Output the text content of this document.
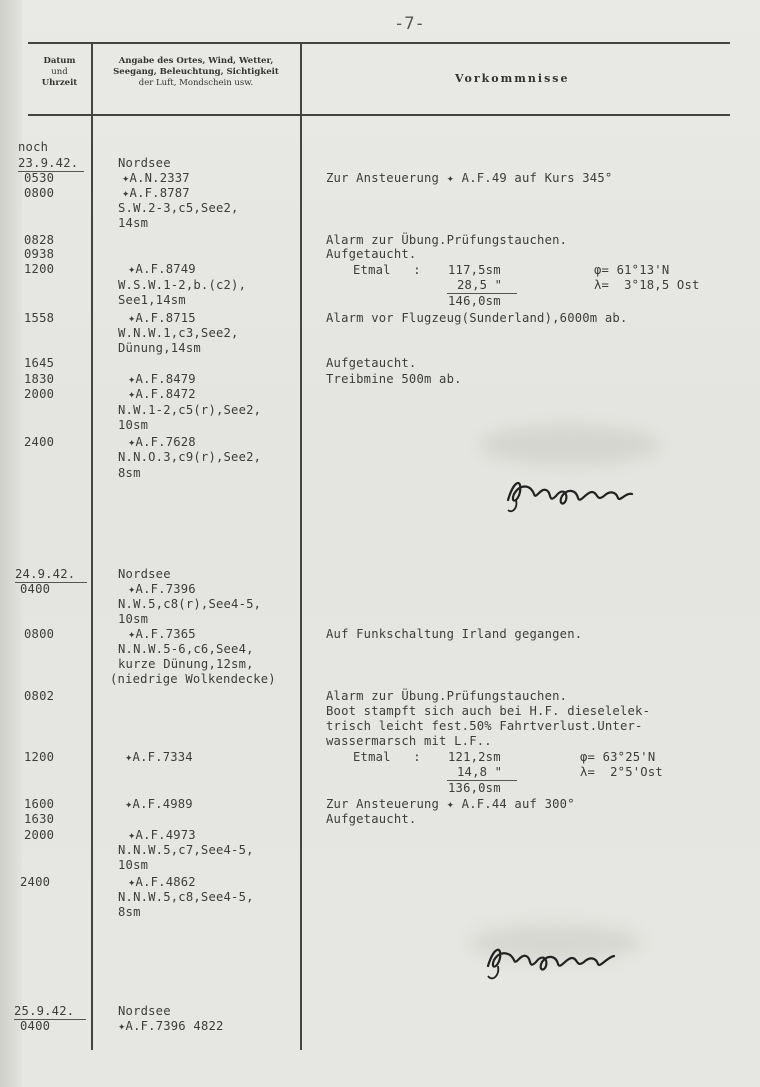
-7-
Datum
und
Uhrzeit
Angabe des Ortes, Wind, Wetter,
Seegang, Beleuchtung, Sichtigkeit
der Luft, Mondschein usw.	Vorkommnisse
noch
23.9.42.
0530
0800
0828
0938
1200
1558
1645
1830
2000
2400
24.9.42.
0400
0800
0802
1200
1600
1630
2000
2400
25.9.42.
0400
Nordsee
✦A.N.2337
✦A.F.8787
S.W.2-3,c5,See2,
14sm
✦A.F.8749
W.S.W.1-2,b.(c2),
See1,14sm
✦A.F.8715
W.N.W.1,c3,See2,
Dünung,14sm
✦A.F.8479
✦A.F.8472
N.W.1-2,c5(r),See2,
10sm
✦A.F.7628
N.N.O.3,c9(r),See2,
8sm
Nordsee
✦A.F.7396
N.W.5,c8(r),See4-5,
10sm
✦A.F.7365
N.N.W.5-6,c6,See4,
kurze Dünung,12sm,
(niedrige Wolkendecke)
✦A.F.7334
✦A.F.4989
✦A.F.4973
N.N.W.5,c7,See4-5,
10sm
✦A.F.4862
N.N.W.5,c8,See4-5,
8sm
Nordsee
✦A.F.7396 4822
Zur Ansteuerung ✦ A.F.49 auf Kurs 345°
Alarm zur Übung.Prüfungstauchen.
Aufgetaucht.
Etmal   : 117,5sm
28,5 "
146,0sm
φ= 61°13'N
λ=  3°18,5 Ost
Alarm vor Flugzeug(Sunderland),6000m ab.
Aufgetaucht.
Treibmine 500m ab.
Auf Funkschaltung Irland gegangen.
Alarm zur Übung.Prüfungstauchen.
Boot stampft sich auch bei H.F. dieselelek-
trisch leicht fest.50% Fahrtverlust.Unter-
wassermarsch mit L.F..
Etmal   : 121,2sm
14,8 "
136,0sm
φ= 63°25'N
λ=  2°5'Ost
Zur Ansteuerung ✦ A.F.44 auf 300°
Aufgetaucht.
